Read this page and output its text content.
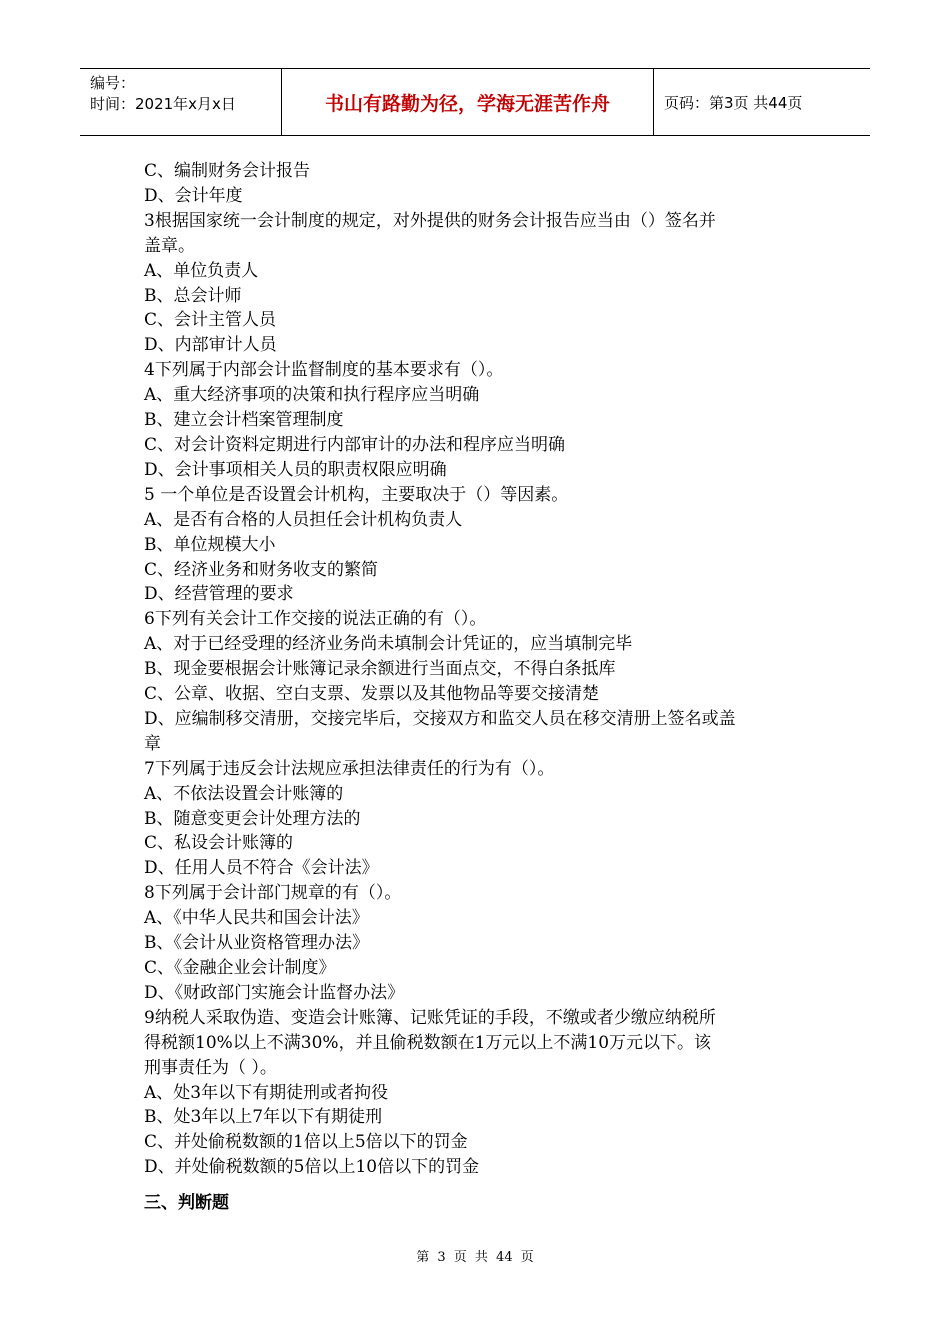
编号：
时间：2021年x月x日	书山有路勤为径，学海无涯苦作舟	页码：第3页 共44页
C、编制财务会计报告
D、会计年度
3根据国家统一会计制度的规定，对外提供的财务会计报告应当由（）签名并
盖章。
A、单位负责人
B、总会计师
C、会计主管人员
D、内部审计人员
4下列属于内部会计监督制度的基本要求有（）。
A、重大经济事项的决策和执行程序应当明确
B、建立会计档案管理制度
C、对会计资料定期进行内部审计的办法和程序应当明确
D、会计事项相关人员的职责权限应明确
5 一个单位是否设置会计机构，主要取决于（）等因素。
A、是否有合格的人员担任会计机构负责人
B、单位规模大小
C、经济业务和财务收支的繁简
D、经营管理的要求
6下列有关会计工作交接的说法正确的有（）。
A、对于已经受理的经济业务尚未填制会计凭证的，应当填制完毕
B、现金要根据会计账簿记录余额进行当面点交，不得白条抵库
C、公章、收据、空白支票、发票以及其他物品等要交接清楚
D、应编制移交清册，交接完毕后，交接双方和监交人员在移交清册上签名或盖
章
7下列属于违反会计法规应承担法律责任的行为有（）。
A、不依法设置会计账簿的
B、随意变更会计处理方法的
C、私设会计账簿的
D、任用人员不符合《会计法》
8下列属于会计部门规章的有（）。
A、《中华人民共和国会计法》
B、《会计从业资格管理办法》
C、《金融企业会计制度》
D、《财政部门实施会计监督办法》
9纳税人采取伪造、变造会计账簿、记账凭证的手段，不缴或者少缴应纳税所
得税额10%以上不满30%，并且偷税数额在1万元以上不满10万元以下。该
刑事责任为（ ）。
A、处3年以下有期徒刑或者拘役
B、处3年以上7年以下有期徒刑
C、并处偷税数额的1倍以上5倍以下的罚金
D、并处偷税数额的5倍以上10倍以下的罚金
三、判断题
第 3 页 共 44 页
